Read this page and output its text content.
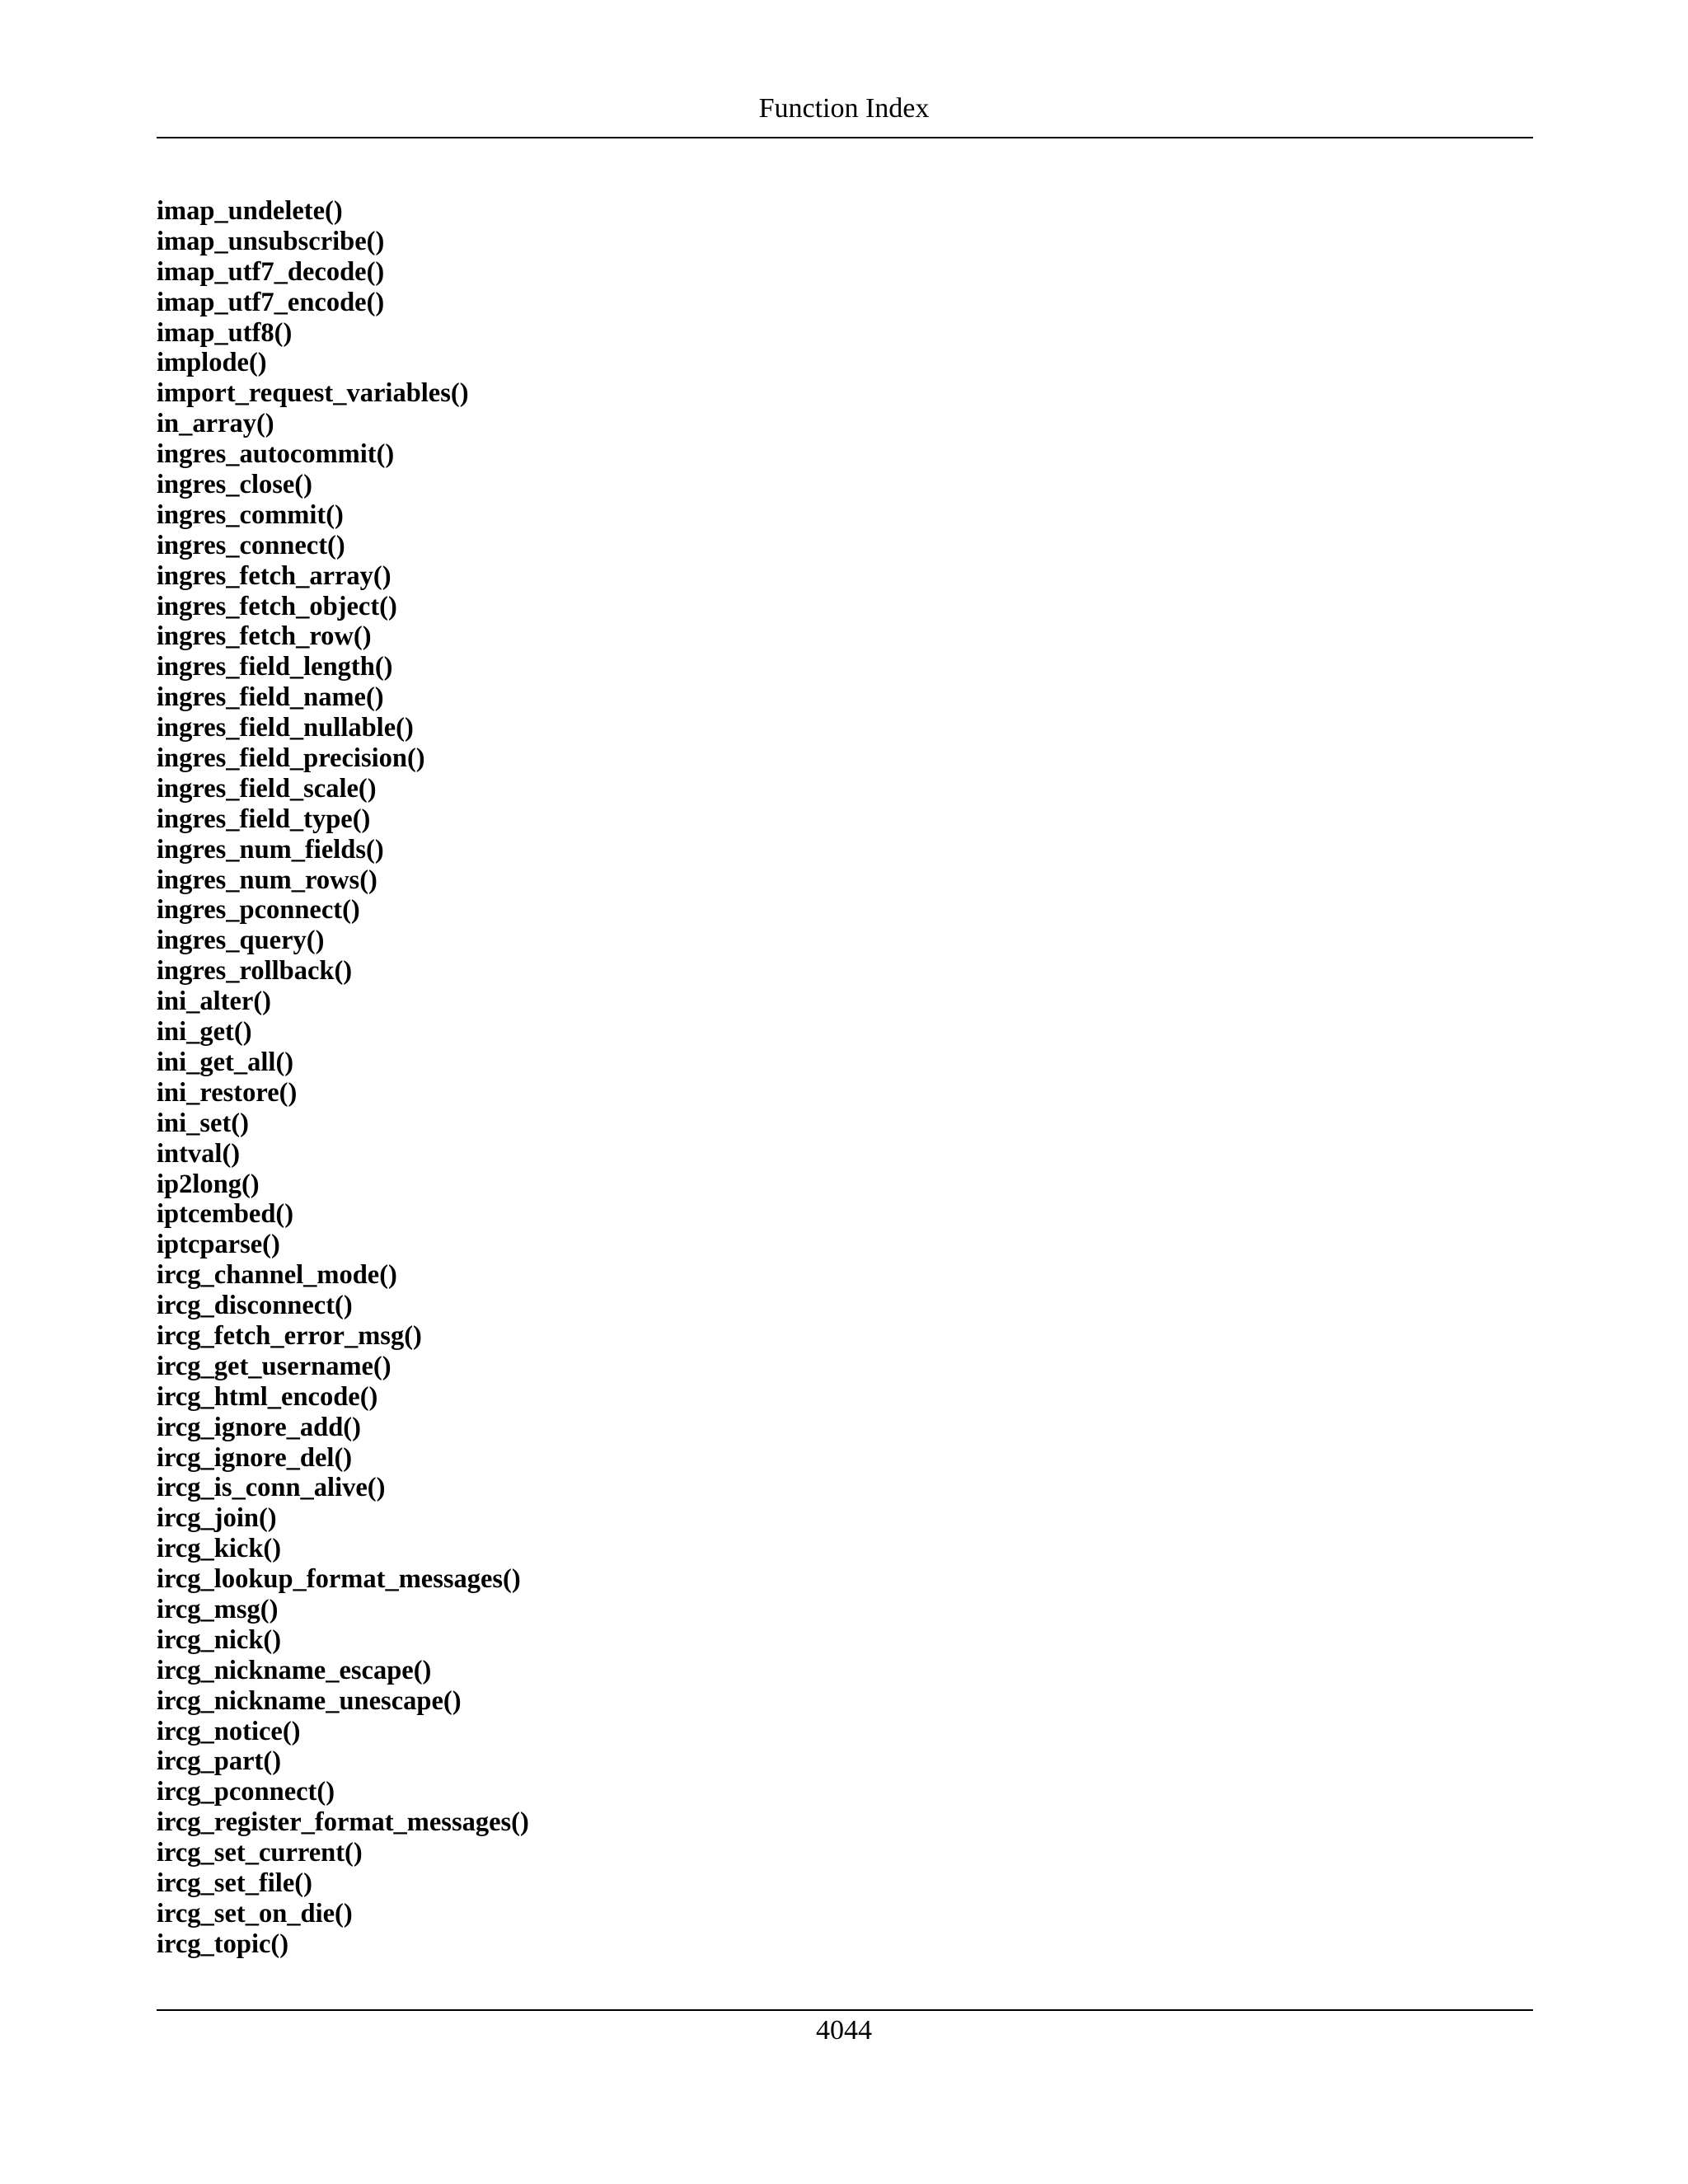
Function Index
imap_undelete()
imap_unsubscribe()
imap_utf7_decode()
imap_utf7_encode()
imap_utf8()
implode()
import_request_variables()
in_array()
ingres_autocommit()
ingres_close()
ingres_commit()
ingres_connect()
ingres_fetch_array()
ingres_fetch_object()
ingres_fetch_row()
ingres_field_length()
ingres_field_name()
ingres_field_nullable()
ingres_field_precision()
ingres_field_scale()
ingres_field_type()
ingres_num_fields()
ingres_num_rows()
ingres_pconnect()
ingres_query()
ingres_rollback()
ini_alter()
ini_get()
ini_get_all()
ini_restore()
ini_set()
intval()
ip2long()
iptcembed()
iptcparse()
ircg_channel_mode()
ircg_disconnect()
ircg_fetch_error_msg()
ircg_get_username()
ircg_html_encode()
ircg_ignore_add()
ircg_ignore_del()
ircg_is_conn_alive()
ircg_join()
ircg_kick()
ircg_lookup_format_messages()
ircg_msg()
ircg_nick()
ircg_nickname_escape()
ircg_nickname_unescape()
ircg_notice()
ircg_part()
ircg_pconnect()
ircg_register_format_messages()
ircg_set_current()
ircg_set_file()
ircg_set_on_die()
ircg_topic()
4044
